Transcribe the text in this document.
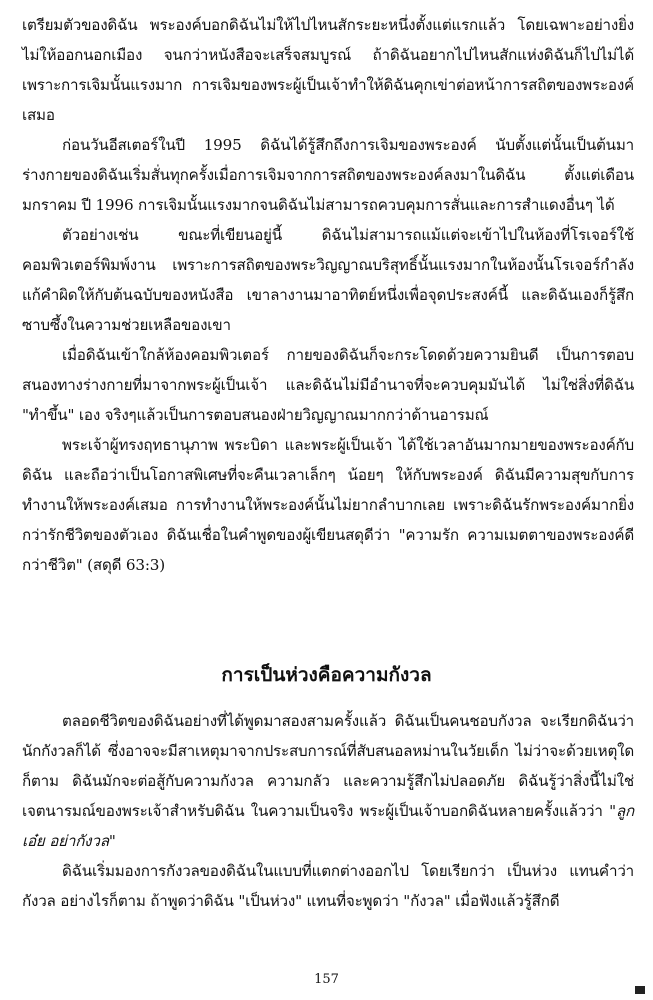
เตรียมตัวของดิฉัน พระองค์บอกดิฉันไม่ให้ไปไหนสักระยะหนึ่งตั้งแต่แรกแล้ว โดยเฉพาะอย่างยิ่งไม่ให้ออกนอกเมือง จนกว่าหนังสือจะเสร็จสมบูรณ์ ถ้าดิฉันอยากไปไหนสักแห่งดิฉันก็ไปไม่ได้เพราะการเจิมนั้นแรงมาก การเจิมของพระผู้เป็นเจ้าทำให้ดิฉันคุกเข่าต่อหน้าการสถิตของพระองค์เสมอ

ก่อนวันอีสเตอร์ในปี 1995 ดิฉันได้รู้สึกถึงการเจิมของพระองค์ นับตั้งแต่นั้นเป็นต้นมาร่างกายของดิฉันเริ่มสั่นทุกครั้งเมื่อการเจิมจากการสถิตของพระองค์ลงมาในดิฉัน ตั้งแต่เดือนมกราคม ปี 1996 การเจิมนั้นแรงมากจนดิฉันไม่สามารถควบคุมการสั่นและการสำแดงอื่นๆ ได้

ตัวอย่างเช่น ขณะที่เขียนอยู่นี้ ดิฉันไม่สามารถแม้แต่จะเข้าไปในห้องที่โรเจอร์ใช้คอมพิวเตอร์พิมพ์งาน เพราะการสถิตของพระวิญญาณบริสุทธิ์นั้นแรงมากในห้องนั้นโรเจอร์กำลังแก้คำผิดให้กับต้นฉบับของหนังสือ เขาลางานมาอาทิตย์หนึ่งเพื่อจุดประสงค์นี้ และดิฉันเองก็รู้สึกซาบซึ้งในความช่วยเหลือของเขา

เมื่อดิฉันเข้าใกล้ห้องคอมพิวเตอร์ กายของดิฉันก็จะกระโดดด้วยความยินดี เป็นการตอบสนองทางร่างกายที่มาจากพระผู้เป็นเจ้า และดิฉันไม่มีอำนาจที่จะควบคุมมันได้ ไม่ใช่สิ่งที่ดิฉัน "ทำขึ้น" เอง จริงๆแล้วเป็นการตอบสนองฝ่ายวิญญาณมากกว่าด้านอารมณ์

พระเจ้าผู้ทรงฤทธานุภาพ พระบิดา และพระผู้เป็นเจ้า ได้ใช้เวลาอันมากมายของพระองค์กับดิฉัน และถือว่าเป็นโอกาสพิเศษที่จะคืนเวลาเล็กๆ น้อยๆ ให้กับพระองค์ ดิฉันมีความสุขกับการทำงานให้พระองค์เสมอ การทำงานให้พระองค์นั้นไม่ยากลำบากเลย เพราะดิฉันรักพระองค์มากยิ่งกว่ารักชีวิตของตัวเอง ดิฉันเชื่อในคำพูดของผู้เขียนสดุดีว่า "ความรัก ความเมตตาของพระองค์ดีกว่าชีวิต" (สดุดี 63:3)

การเป็นห่วงคือความกังวล

ตลอดชีวิตของดิฉันอย่างที่ได้พูดมาสองสามครั้งแล้ว ดิฉันเป็นคนชอบกังวล จะเรียกดิฉันว่านักกังวลก็ได้ ซึ่งอาจจะมีสาเหตุมาจากประสบการณ์ที่สับสนอลหม่านในวัยเด็ก ไม่ว่าจะด้วยเหตุใดก็ตาม ดิฉันมักจะต่อสู้กับความกังวล ความกลัว และความรู้สึกไม่ปลอดภัย ดิฉันรู้ว่าสิ่งนี้ไม่ใช่เจตนารมณ์ของพระเจ้าสำหรับดิฉัน ในความเป็นจริง พระผู้เป็นเจ้าบอกดิฉันหลายครั้งแล้วว่า "ลูกเอ๋ย อย่ากังวล"

ดิฉันเริ่มมองการกังวลของดิฉันในแบบที่แตกต่างออกไป โดยเรียกว่า เป็นห่วง แทนคำว่ากังวล อย่างไรก็ตาม ถ้าพูดว่าดิฉัน "เป็นห่วง" แทนที่จะพูดว่า "กังวล" เมื่อฟังแล้วรู้สึกดี

157
